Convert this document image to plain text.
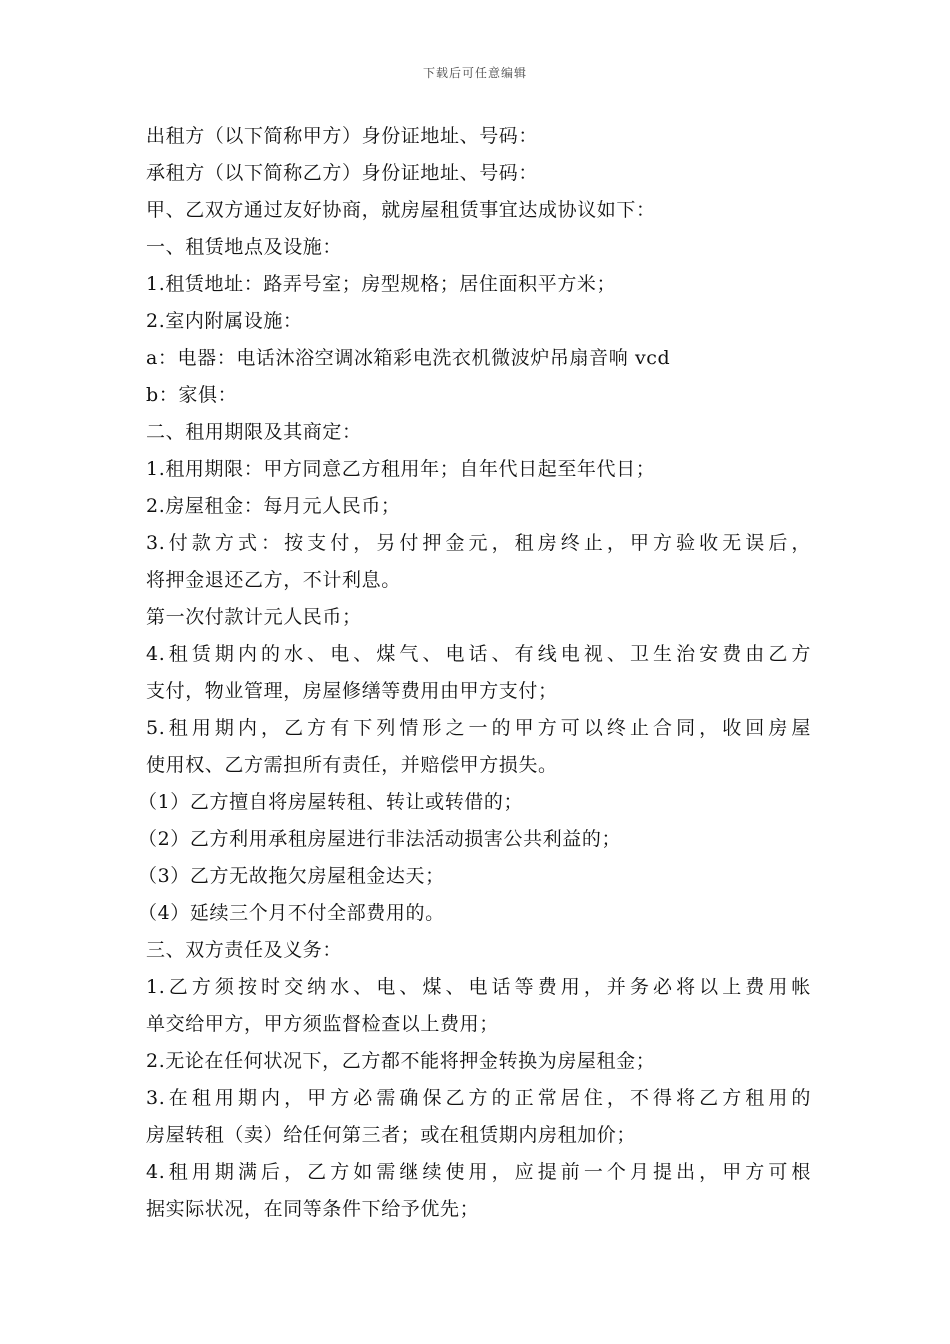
下载后可任意编辑
出租方（以下简称甲方）身份证地址、号码：
承租方（以下简称乙方）身份证地址、号码：
甲、乙双方通过友好协商，就房屋租赁事宜达成协议如下：
一、租赁地点及设施：
1.租赁地址：路弄号室；房型规格；居住面积平方米；
2.室内附属设施：
a：电器：电话沐浴空调冰箱彩电洗衣机微波炉吊扇音响 vcd
b：家俱：
二、租用期限及其商定：
1.租用期限：甲方同意乙方租用年；自年代日起至年代日；
2.房屋租金：每月元人民币；
3.付款方式：按支付，另付押金元，租房终止，甲方验收无误后，
将押金退还乙方，不计利息。
第一次付款计元人民币；
4.租赁期内的水、电、煤气、电话、有线电视、卫生治安费由乙方
支付，物业管理，房屋修缮等费用由甲方支付；
5.租用期内，乙方有下列情形之一的甲方可以终止合同，收回房屋
使用权、乙方需担所有责任，并赔偿甲方损失。
（1）乙方擅自将房屋转租、转让或转借的；
（2）乙方利用承租房屋进行非法活动损害公共利益的；
（3）乙方无故拖欠房屋租金达天；
（4）延续三个月不付全部费用的。
三、双方责任及义务：
1.乙方须按时交纳水、电、煤、电话等费用，并务必将以上费用帐
单交给甲方，甲方须监督检查以上费用；
2.无论在任何状况下，乙方都不能将押金转换为房屋租金；
3.在租用期内，甲方必需确保乙方的正常居住，不得将乙方租用的
房屋转租（卖）给任何第三者；或在租赁期内房租加价；
4.租用期满后，乙方如需继续使用，应提前一个月提出，甲方可根
据实际状况，在同等条件下给予优先；
